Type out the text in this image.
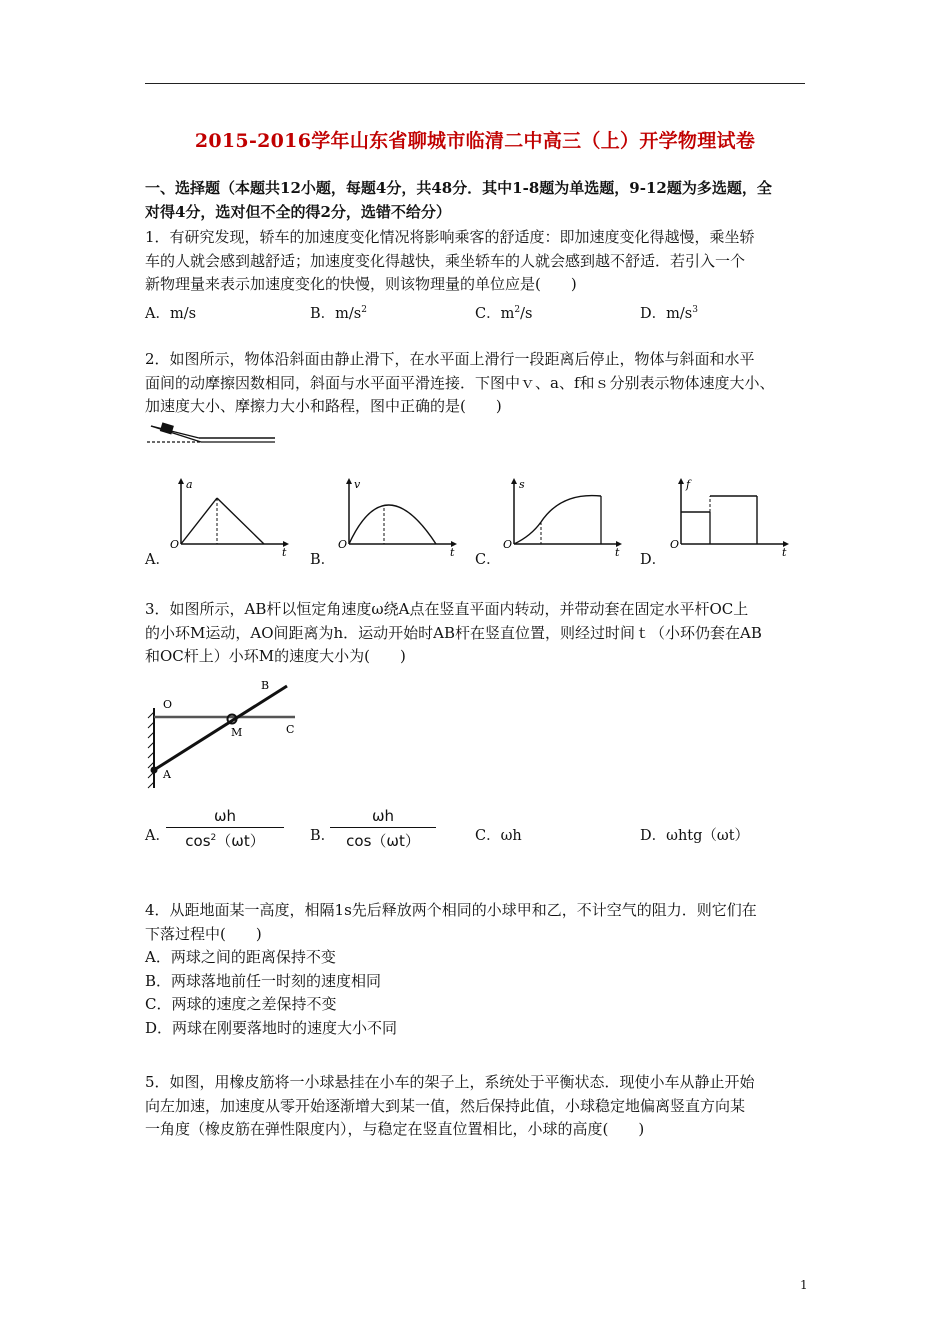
2015-2016学年山东省聊城市临清二中高三（上）开学物理试卷

一、选择题（本题共12小题，每题4分，共48分．其中1-8题为单选题，9-12题为多选题，全
对得4分，选对但不全的得2分，选错不给分）

1．有研究发现，轿车的加速度变化情况将影响乘客的舒适度：即加速度变化得越慢，乘坐轿
车的人就会感到越舒适；加速度变化得越快，乘坐轿车的人就会感到越不舒适．若引入一个
新物理量来表示加速度变化的快慢，则该物理量的单位应是(　　)

A．m/s	B．$m/s^2$	C．$m^2/s$	D．$m/s^3$

2．如图所示，物体沿斜面由静止滑下，在水平面上滑行一段距离后停止，物体与斜面和水平
面间的动摩擦因数相同，斜面与水平面平滑连接．下图中ｖ、a、f和ｓ分别表示物体速度大小、
加速度大小、摩擦力大小和路程，图中正确的是(　　)

a
O
t
A．
v
O
t
B．
s
O
t
C．
f
O
t
D．

3．如图所示，AB杆以恒定角速度ω绕A点在竖直平面内转动，并带动套在固定水平杆OC上
的小环M运动，AO间距离为h．运动开始时AB杆在竖直位置，则经过时间ｔ（小环仍套在AB
和OC杆上）小环M的速度大小为(　　)

O
B
M	C
A
A．
ωh
$\cos^2(\omega t)$	B．
ωh
cos（ωt）	C．ωh	D．ωhtg（ωt）

4．从距地面某一高度，相隔1s先后释放两个相同的小球甲和乙，不计空气的阻力．则它们在
下落过程中(　　)
A．两球之间的距离保持不变
B．两球落地前任一时刻的速度相同
C．两球的速度之差保持不变
D．两球在刚要落地时的速度大小不同

5．如图，用橡皮筋将一小球悬挂在小车的架子上，系统处于平衡状态．现使小车从静止开始
向左加速，加速度从零开始逐渐增大到某一值，然后保持此值，小球稳定地偏离竖直方向某
一角度（橡皮筋在弹性限度内），与稳定在竖直位置相比，小球的高度(　　)

1
